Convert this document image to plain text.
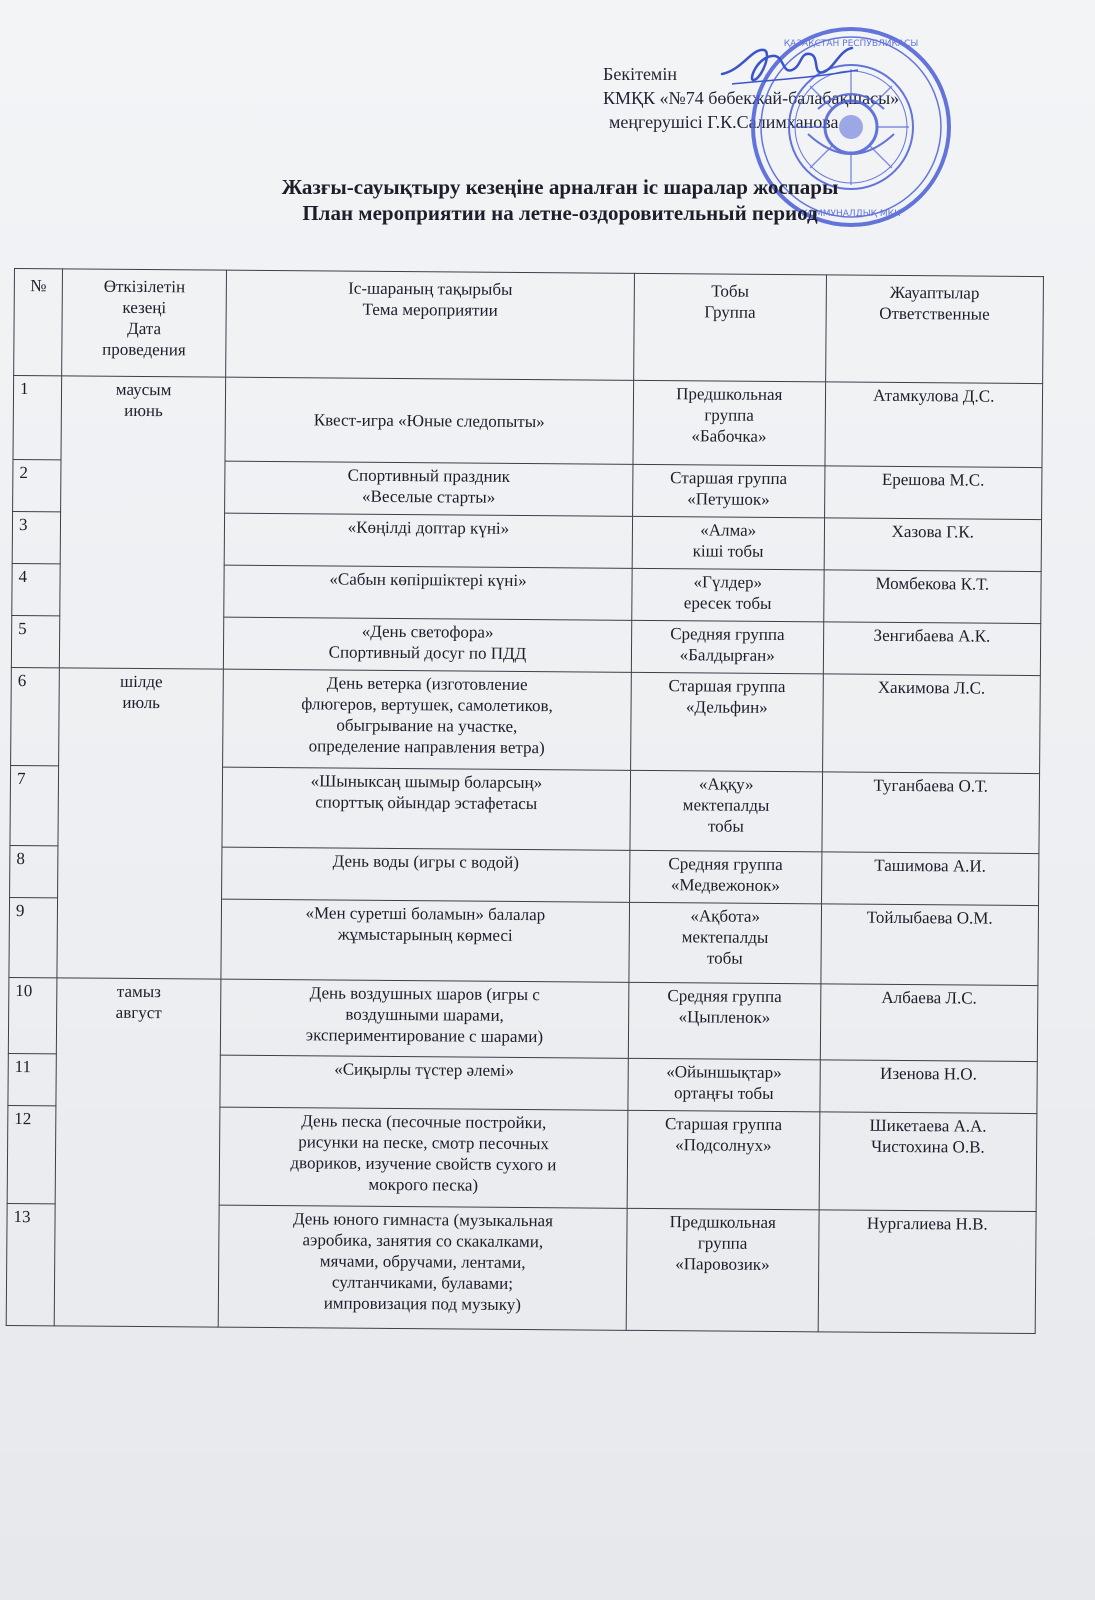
Бекітемін
КМҚК «№74 бөбекжай-балабақшасы»
меңгерушісі Г.К.Салимханова
ҚАЗАҚСТАН РЕСПУБЛИКАСЫ
КОММУНАЛДЫҚ МҚК
Жазғы-сауықтыру кезеңіне арналған іс шаралар жоспары
План мероприятии на летне-оздоровительный период
№	Өткізілетін
кезеңі
Дата
проведения	Іс-шараның тақырыбы
Тема мероприятии	Тобы
Группа	Жауаптылар
Ответственные
1	маусым
июнь	Квест-игра «Юные следопыты»	Предшкольная
группа
«Бабочка»	Атамкулова Д.С.
2		Спортивный праздник
«Веселые старты»	Старшая группа
«Петушок»	Ерешова М.С.
3		«Көңілді доптар күні»	«Алма»
кіші тобы	Хазова Г.К.
4		«Сабын көпіршіктері күні»	«Гүлдер»
ересек тобы	Момбекова К.Т.
5		«День светофора»
Спортивный досуг по ПДД	Средняя группа
«Балдырған»	Зенгибаева А.К.
6	шілде
июль	День ветерка (изготовление
флюгеров, вертушек, самолетиков,
обыгрывание на участке,
определение направления ветра)	Старшая группа
«Дельфин»	Хакимова Л.С.
7		«Шыныксаң шымыр боларсың»
спорттық ойындар эстафетасы	«Аққу»
мектепалды
тобы	Туганбаева О.Т.
8		День воды (игры с водой)	Средняя группа
«Медвежонок»	Ташимова А.И.
9		«Мен суретші боламын» балалар
жұмыстарының көрмесі	«Ақбота»
мектепалды
тобы	Тойлыбаева О.М.
10	тамыз
август	День воздушных шаров (игры с
воздушными шарами,
экспериментирование с шарами)	Средняя группа
«Цыпленок»	Албаева Л.С.
11		«Сиқырлы түстер әлемі»	«Ойыншықтар»
ортаңғы тобы	Изенова Н.О.
12		День песка (песочные постройки,
рисунки на песке, смотр песочных
двориков, изучение свойств сухого и
мокрого песка)	Старшая группа
«Подсолнух»	Шикетаева А.А.
Чистохина О.В.
13		День юного гимнаста (музыкальная
аэробика, занятия со скакалками,
мячами, обручами, лентами,
султанчиками, булавами;
импровизация под музыку)	Предшкольная
группа
«Паровозик»	Нургалиева Н.В.
